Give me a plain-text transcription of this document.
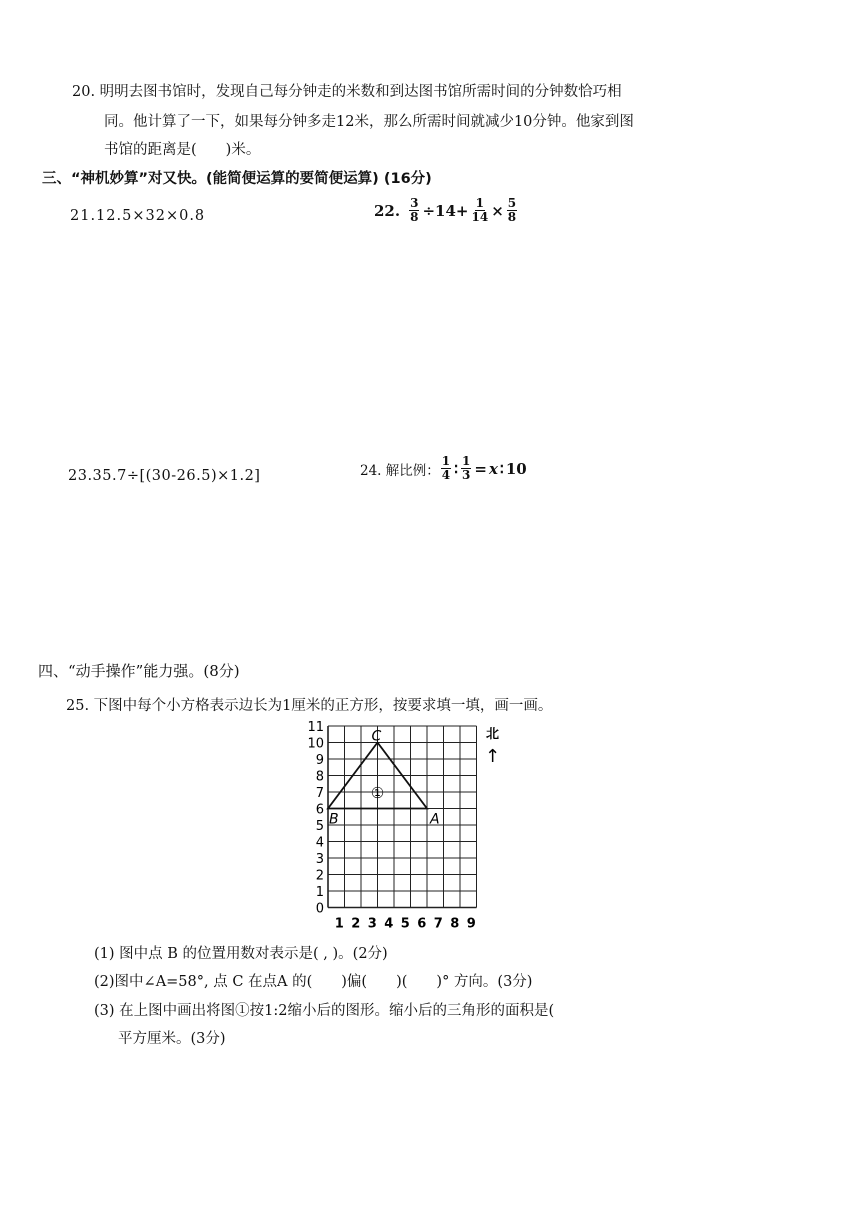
20. 明明去图书馆时，发现自己每分钟走的米数和到达图书馆所需时间的分钟数恰巧相
同。他计算了一下，如果每分钟多走12米，那么所需时间就减少10分钟。他家到图
书馆的距离是(　　)米。
三、“神机妙算”对又快。(能简便运算的要简便运算) (16分)
21.12.5×32×0.8	22. $\frac{3}{8} \div 14+ \frac{1}{14} \times \frac{5}{8}$
23.35.7÷[(30-26.5)×1.2]	24. 解比例： $\frac{1}{4}$ ∶ $\frac{1}{3} = x$ ∶ 10
四、“动手操作”能力强。(8分)
25. 下图中每个小方格表示边长为1厘米的正方形，按要求填一填，画一画。
0
1
2
3
4
5
6
7
8
9
10
11
1 2 3 4 5 6 7 8 9
A
B
C
①
北
↑
(1) 图中点 B 的位置用数对表示是( , )。(2分)
(2)图中∠A=58°, 点 C 在点A 的(　　)偏(　　)(　　)° 方向。(3分)
(3) 在上图中画出将图①按1:2缩小后的图形。缩小后的三角形的面积是(
平方厘米。(3分)
